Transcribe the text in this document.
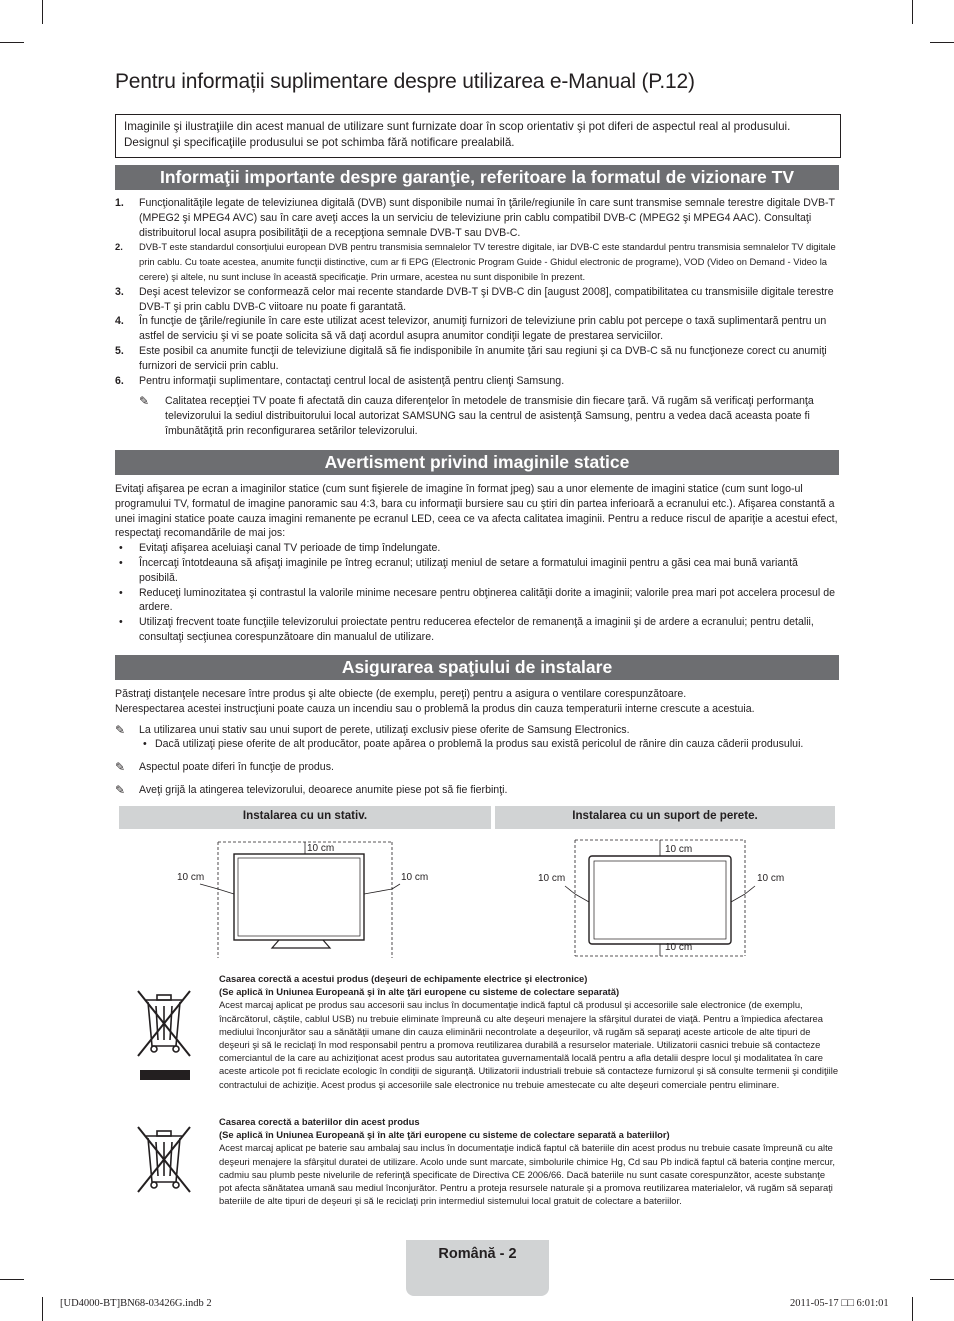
Pentru informații suplimentare despre utilizarea e-Manual (P.12)
Imaginile şi ilustraţiile din acest manual de utilizare sunt furnizate doar în scop orientativ şi pot diferi de aspectul real al produsului. Designul şi specificaţiile produsului se pot schimba fără notificare prealabilă.
Informaţii importante despre garanţie, referitoare la formatul de vizionare TV
1. Funcţionalităţile legate de televiziunea digitală (DVB) sunt disponibile numai în ţările/regiunile în care sunt transmise semnale terestre digitale DVB-T (MPEG2 şi MPEG4 AVC) sau în care aveţi acces la un serviciu de televiziune prin cablu compatibil DVB-C (MPEG2 şi MPEG4 AAC). Consultaţi distribuitorul local asupra posibilităţii de a recepţiona semnale DVB-T sau DVB-C.
2. DVB-T este standardul consorţiului european DVB pentru transmisia semnalelor TV terestre digitale, iar DVB-C este standardul pentru transmisia semnalelor TV digitale prin cablu. Cu toate acestea, anumite funcţii distinctive, cum ar fi EPG (Electronic Program Guide - Ghidul electronic de programe), VOD (Video on Demand - Video la cerere) şi altele, nu sunt incluse în această specificaţie. Prin urmare, acestea nu sunt disponibile în prezent.
3. Deşi acest televizor se conformează celor mai recente standarde DVB-T şi DVB-C din [august 2008], compatibilitatea cu transmisiile digitale terestre DVB-T şi prin cablu DVB-C viitoare nu poate fi garantată.
4. În funcţie de ţările/regiunile în care este utilizat acest televizor, anumiţi furnizori de televiziune prin cablu pot percepe o taxă suplimentară pentru un astfel de serviciu şi vi se poate solicita să vă daţi acordul asupra anumitor condiţii legate de prestarea serviciilor.
5. Este posibil ca anumite funcţii de televiziune digitală să fie indisponibile în anumite ţări sau regiuni şi ca DVB-C să nu funcţioneze corect cu anumiţi furnizori de servicii prin cablu.
6. Pentru informaţii suplimentare, contactaţi centrul local de asistenţă pentru clienţi Samsung.
✎ Calitatea recepţiei TV poate fi afectată din cauza diferenţelor în metodele de transmisie din fiecare ţară. Vă rugăm să verificaţi performanţa televizorului la sediul distribuitorului local autorizat SAMSUNG sau la centrul de asistenţă Samsung, pentru a vedea dacă aceasta poate fi îmbunătăţită prin reconfigurarea setărilor televizorului.
Avertisment privind imaginile statice
Evitaţi afişarea pe ecran a imaginilor statice (cum sunt fişierele de imagine în format jpeg) sau a unor elemente de imagini statice (cum sunt logo-ul programului TV, formatul de imagine panoramic sau 4:3, bara cu informaţii bursiere sau cu ştiri din partea inferioară a ecranului etc.). Afişarea constantă a unei imagini statice poate cauza imagini remanente pe ecranul LED, ceea ce va afecta calitatea imaginii. Pentru a reduce riscul de apariţie a acestui efect, respectaţi recomandările de mai jos:
• Evitaţi afişarea aceluiaşi canal TV perioade de timp îndelungate.
• Încercaţi întotdeauna să afişaţi imaginile pe întreg ecranul; utilizaţi meniul de setare a formatului imaginii pentru a găsi cea mai bună variantă posibilă.
• Reduceţi luminozitatea şi contrastul la valorile minime necesare pentru obţinerea calităţii dorite a imaginii; valorile prea mari pot accelera procesul de ardere.
• Utilizaţi frecvent toate funcţiile televizorului proiectate pentru reducerea efectelor de remanenţă a imaginii şi de ardere a ecranului; pentru detalii, consultaţi secţiunea corespunzătoare din manualul de utilizare.
Asigurarea spaţiului de instalare
Păstraţi distanţele necesare între produs şi alte obiecte (de exemplu, pereţi) pentru a asigura o ventilare corespunzătoare.
Nerespectarea acestei instrucţiuni poate cauza un incendiu sau o problemă la produs din cauza temperaturii interne crescute a acestuia.
✎ La utilizarea unui stativ sau unui suport de perete, utilizaţi exclusiv piese oferite de Samsung Electronics.
• Dacă utilizaţi piese oferite de alt producător, poate apărea o problemă la produs sau există pericolul de rănire din cauza căderii produsului.
✎ Aspectul poate diferi în funcţie de produs.
✎ Aveţi grijă la atingerea televizorului, deoarece anumite piese pot să fie fierbinţi.
Instalarea cu un stativ.	Instalarea cu un suport de perete.
10 cm
10 cm	10 cm
10 cm
10 cm	10 cm
10 cm
Casarea corectă a acestui produs (deşeuri de echipamente electrice şi electronice)
(Se aplică în Uniunea Europeană şi în alte ţări europene cu sisteme de colectare separată)
Acest marcaj aplicat pe produs sau accesorii sau inclus în documentaţie indică faptul că produsul şi accesoriile sale electronice (de exemplu, încărcătorul, căştile, cablul USB) nu trebuie eliminate împreună cu alte deşeuri menajere la sfârşitul duratei de viaţă. Pentru a împiedica afectarea mediului înconjurător sau a sănătăţii umane din cauza eliminării necontrolate a deşeurilor, vă rugăm să separaţi aceste articole de alte tipuri de deşeuri şi să le reciclaţi în mod responsabil pentru a promova reutilizarea durabilă a resurselor materiale. Utilizatorii casnici trebuie să contacteze comerciantul de la care au achiziţionat acest produs sau autoritatea guvernamentală locală pentru a afla detalii despre locul şi modalitatea în care aceste articole pot fi reciclate ecologic în condiţii de siguranţă. Utilizatorii industriali trebuie să contacteze furnizorul şi să consulte termenii şi condiţiile contractului de achiziţie. Acest produs şi accesoriile sale electronice nu trebuie amestecate cu alte deşeuri comerciale pentru eliminare.
Casarea corectă a bateriilor din acest produs
(Se aplică în Uniunea Europeană şi în alte ţări europene cu sisteme de colectare separată a bateriilor)
Acest marcaj aplicat pe baterie sau ambalaj sau inclus în documentaţie indică faptul că bateriile din acest produs nu trebuie casate împreună cu alte deşeuri menajere la sfârşitul duratei de utilizare. Acolo unde sunt marcate, simbolurile chimice Hg, Cd sau Pb indică faptul că bateria conţine mercur, cadmiu sau plumb peste nivelurile de referinţă specificate de Directiva CE 2006/66. Dacă bateriile nu sunt casate corespunzător, aceste substanţe pot afecta sănătatea umană sau mediul înconjurător. Pentru a proteja resursele naturale şi a promova reutilizarea materialelor, vă rugăm să separaţi bateriile de alte tipuri de deşeuri şi să le reciclaţi prin intermediul sistemului local gratuit de colectare a bateriilor.
Română - 2
[UD4000-BT]BN68-03426G.indb 2	2011-05-17 □□ 6:01:01
